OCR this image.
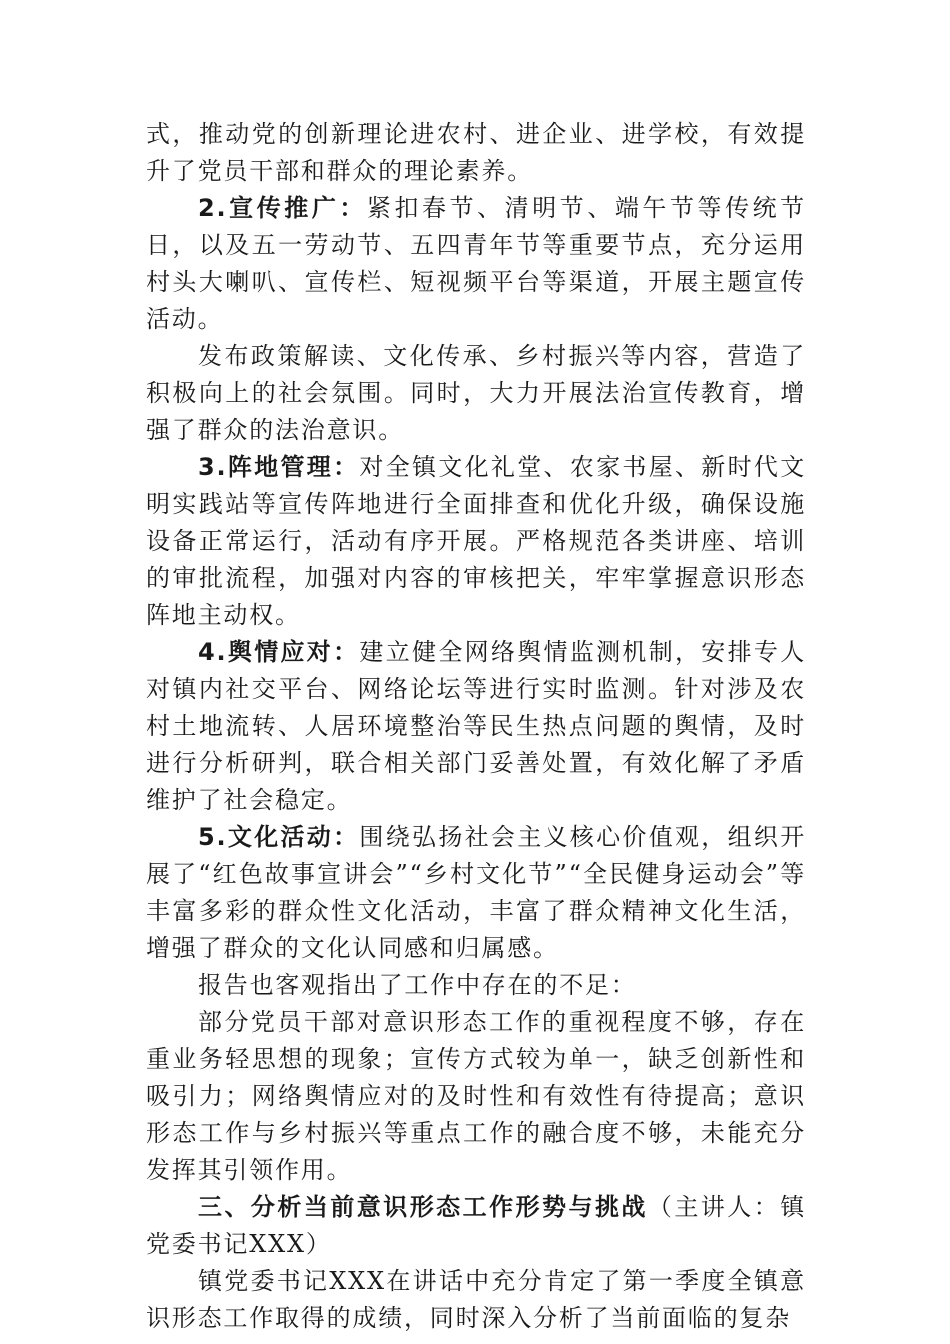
式，推动党的创新理论进农村、进企业、进学校，有效提升了党员干部和群众的理论素养。

2.宣传推广：紧扣春节、清明节、端午节等传统节日，以及五一劳动节、五四青年节等重要节点，充分运用村头大喇叭、宣传栏、短视频平台等渠道，开展主题宣传活动。

发布政策解读、文化传承、乡村振兴等内容，营造了积极向上的社会氛围。同时，大力开展法治宣传教育，增强了群众的法治意识。

3.阵地管理：对全镇文化礼堂、农家书屋、新时代文明实践站等宣传阵地进行全面排查和优化升级，确保设施设备正常运行，活动有序开展。严格规范各类讲座、培训的审批流程，加强对内容的审核把关，牢牢掌握意识形态阵地主动权。

4.舆情应对：建立健全网络舆情监测机制，安排专人对镇内社交平台、网络论坛等进行实时监测。针对涉及农村土地流转、人居环境整治等民生热点问题的舆情，及时进行分析研判，联合相关部门妥善处置，有效化解了矛盾维护了社会稳定。

5.文化活动：围绕弘扬社会主义核心价值观，组织开展了“红色故事宣讲会”“乡村文化节”“全民健身运动会”等丰富多彩的群众性文化活动，丰富了群众精神文化生活，增强了群众的文化认同感和归属感。

报告也客观指出了工作中存在的不足：

部分党员干部对意识形态工作的重视程度不够，存在重业务轻思想的现象；宣传方式较为单一，缺乏创新性和吸引力；网络舆情应对的及时性和有效性有待提高；意识形态工作与乡村振兴等重点工作的融合度不够，未能充分发挥其引领作用。

三、分析当前意识形态工作形势与挑战（主讲人：镇党委书记XXX）

镇党委书记XXX在讲话中充分肯定了第一季度全镇意识形态工作取得的成绩，同时深入分析了当前面临的复杂
